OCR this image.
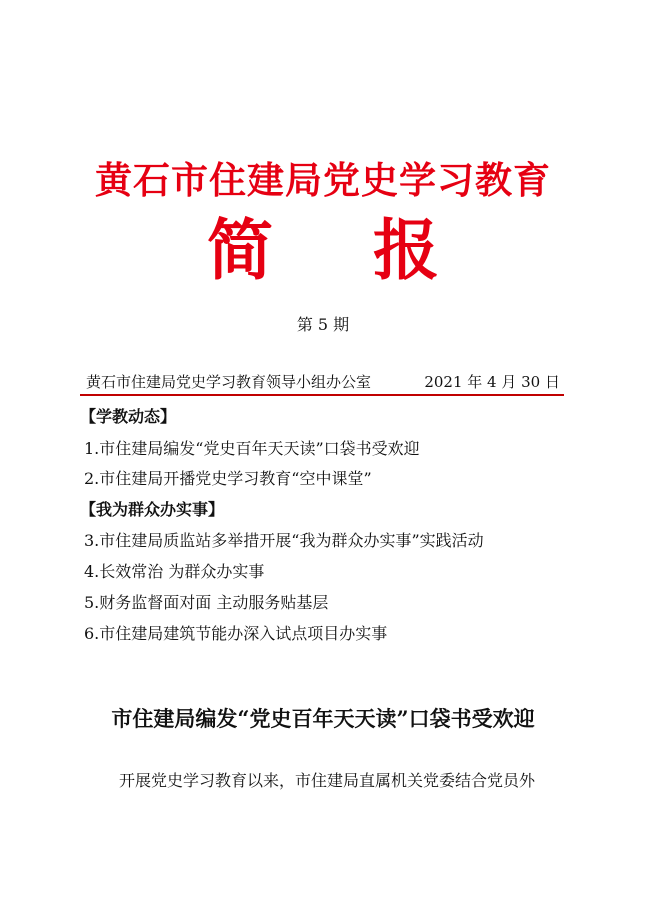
黄石市住建局党史学习教育
简 报
第 5 期
黄石市住建局党史学习教育领导小组办公室	2021 年 4 月 30 日
【学教动态】
1.市住建局编发“党史百年天天读”口袋书受欢迎
2.市住建局开播党史学习教育“空中课堂”
【我为群众办实事】
3.市住建局质监站多举措开展“我为群众办实事”实践活动
4.长效常治 为群众办实事
5.财务监督面对面 主动服务贴基层
6.市住建局建筑节能办深入试点项目办实事
市住建局编发“党史百年天天读”口袋书受欢迎
开展党史学习教育以来，市住建局直属机关党委结合党员外
